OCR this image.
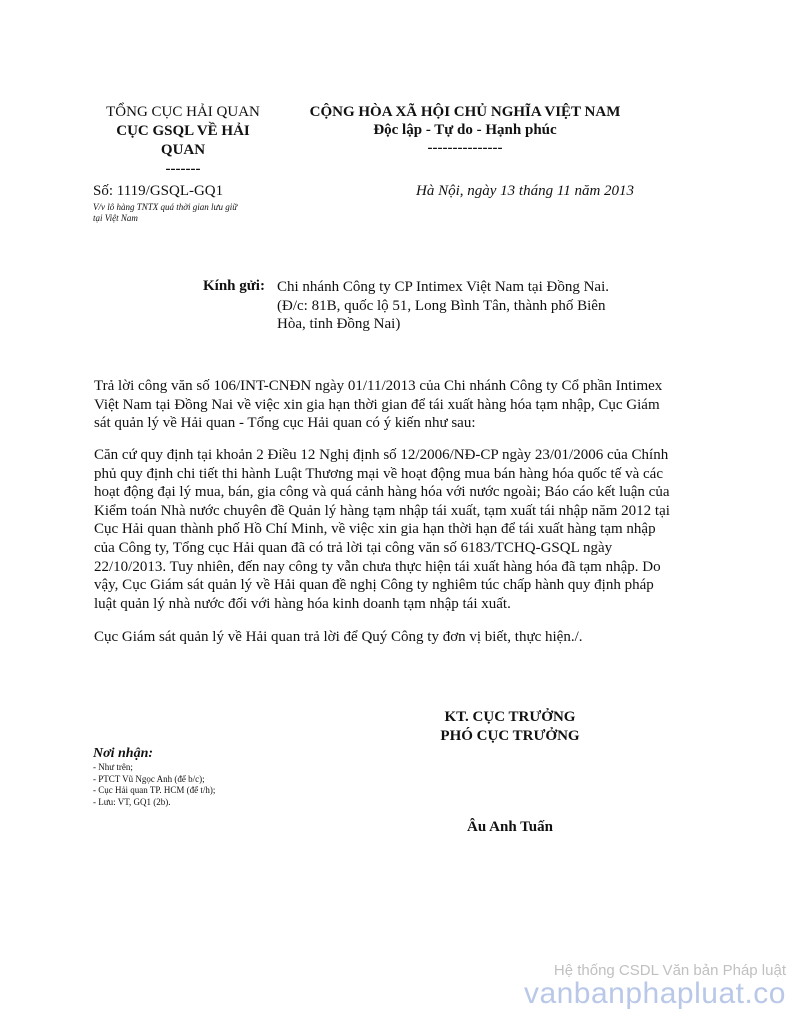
TỔNG CỤC HẢI QUAN
CỤC GSQL VỀ HẢI
QUAN
-------
CỘNG HÒA XÃ HỘI CHỦ NGHĨA VIỆT NAM
Độc lập - Tự do - Hạnh phúc
---------------
Số: 1119/GSQL-GQ1
V/v lô hàng TNTX quá thời gian lưu giữ
tại Việt Nam
Hà Nội, ngày 13 tháng 11 năm 2013
Kính gửi: Chi nhánh Công ty CP Intimex Việt Nam tại Đồng Nai.
(Đ/c: 81B, quốc lộ 51, Long Bình Tân, thành phố Biên
Hòa, tỉnh Đồng Nai)
Trả lời công văn số 106/INT-CNĐN ngày 01/11/2013 của Chi nhánh Công ty Cổ phần Intimex
Việt Nam tại Đồng Nai về việc xin gia hạn thời gian để tái xuất hàng hóa tạm nhập, Cục Giám
sát quản lý về Hải quan - Tổng cục Hải quan có ý kiến như sau:
Căn cứ quy định tại khoản 2 Điều 12 Nghị định số 12/2006/NĐ-CP ngày 23/01/2006 của Chính
phủ quy định chi tiết thi hành Luật Thương mại về hoạt động mua bán hàng hóa quốc tế và các
hoạt động đại lý mua, bán, gia công và quá cảnh hàng hóa với nước ngoài; Báo cáo kết luận của
Kiểm toán Nhà nước chuyên đề Quản lý hàng tạm nhập tái xuất, tạm xuất tái nhập năm 2012 tại
Cục Hải quan thành phố Hồ Chí Minh, về việc xin gia hạn thời hạn để tái xuất hàng tạm nhập
của Công ty, Tổng cục Hải quan đã có trả lời tại công văn số 6183/TCHQ-GSQL ngày
22/10/2013. Tuy nhiên, đến nay công ty vẫn chưa thực hiện tái xuất hàng hóa đã tạm nhập. Do
vậy, Cục Giám sát quản lý về Hải quan đề nghị Công ty nghiêm túc chấp hành quy định pháp
luật quản lý nhà nước đối với hàng hóa kinh doanh tạm nhập tái xuất.
Cục Giám sát quản lý về Hải quan trả lời để Quý Công ty đơn vị biết, thực hiện./.
KT. CỤC TRƯỞNG
PHÓ CỤC TRƯỞNG
Âu Anh Tuấn
Nơi nhận:
- Như trên;
- PTCT Vũ Ngọc Anh (để b/c);
- Cục Hải quan TP. HCM (để t/h);
- Lưu: VT, GQ1 (2b).
Hệ thống CSDL Văn bản Pháp luật
vanbanphapluat.co
